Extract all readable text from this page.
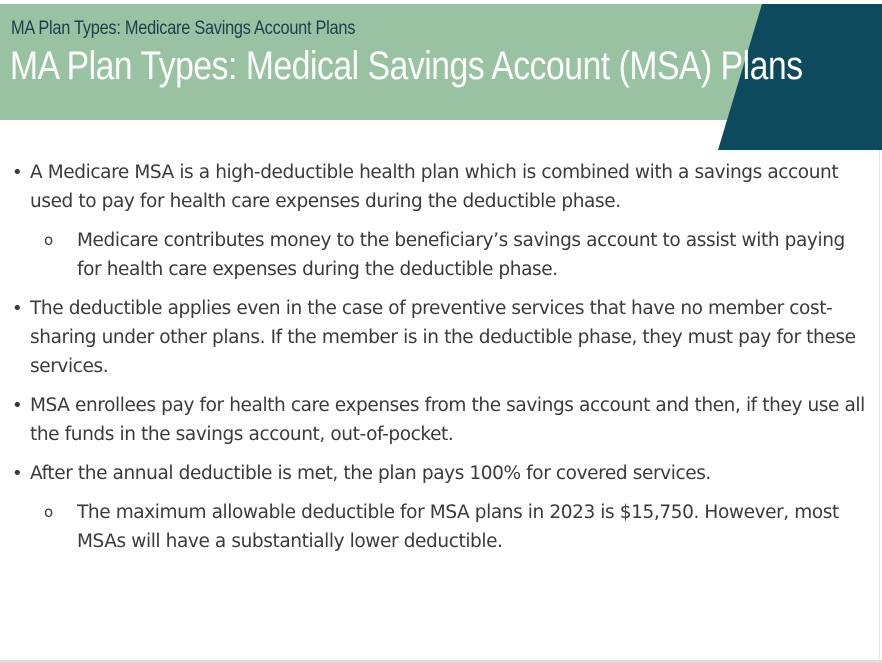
MA Plan Types: Medicare Savings Account Plans
MA Plan Types: Medical Savings Account (MSA) Plans
• A Medicare MSA is a high-deductible health plan which is combined with a savings account used to pay for health care expenses during the deductible phase.
o Medicare contributes money to the beneficiary’s savings account to assist with paying for health care expenses during the deductible phase.
• The deductible applies even in the case of preventive services that have no member cost-sharing under other plans. If the member is in the deductible phase, they must pay for these services.
• MSA enrollees pay for health care expenses from the savings account and then, if they use all the funds in the savings account, out-of-pocket.
• After the annual deductible is met, the plan pays 100% for covered services.
o The maximum allowable deductible for MSA plans in 2023 is $15,750. However, most MSAs will have a substantially lower deductible.
